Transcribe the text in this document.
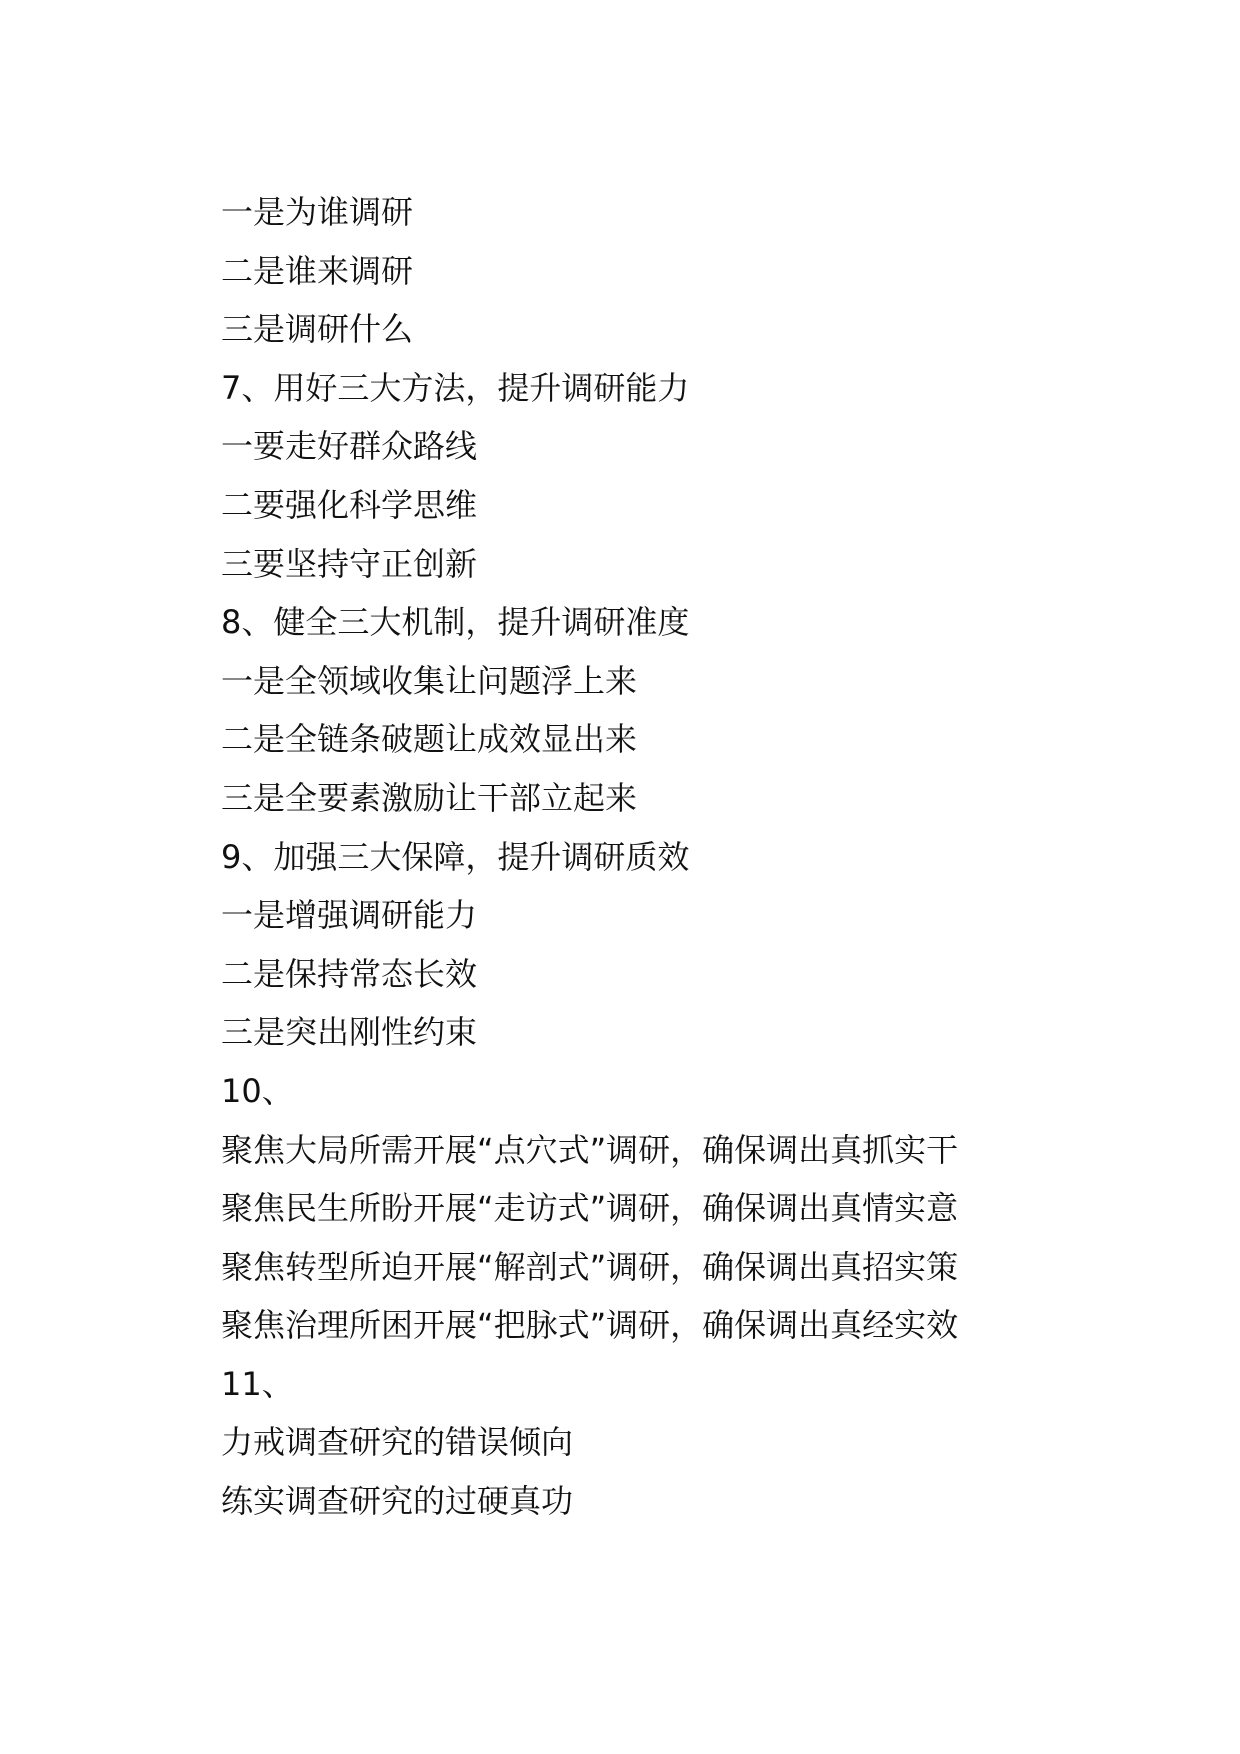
一是为谁调研
二是谁来调研
三是调研什么
7、用好三大方法，提升调研能力
一要走好群众路线
二要强化科学思维
三要坚持守正创新
8、健全三大机制，提升调研准度
一是全领域收集让问题浮上来
二是全链条破题让成效显出来
三是全要素激励让干部立起来
9、加强三大保障，提升调研质效
一是增强调研能力
二是保持常态长效
三是突出刚性约束
10、
聚焦大局所需开展“点穴式”调研，确保调出真抓实干
聚焦民生所盼开展“走访式”调研，确保调出真情实意
聚焦转型所迫开展“解剖式”调研，确保调出真招实策
聚焦治理所困开展“把脉式”调研，确保调出真经实效
11、
力戒调查研究的错误倾向
练实调查研究的过硬真功
